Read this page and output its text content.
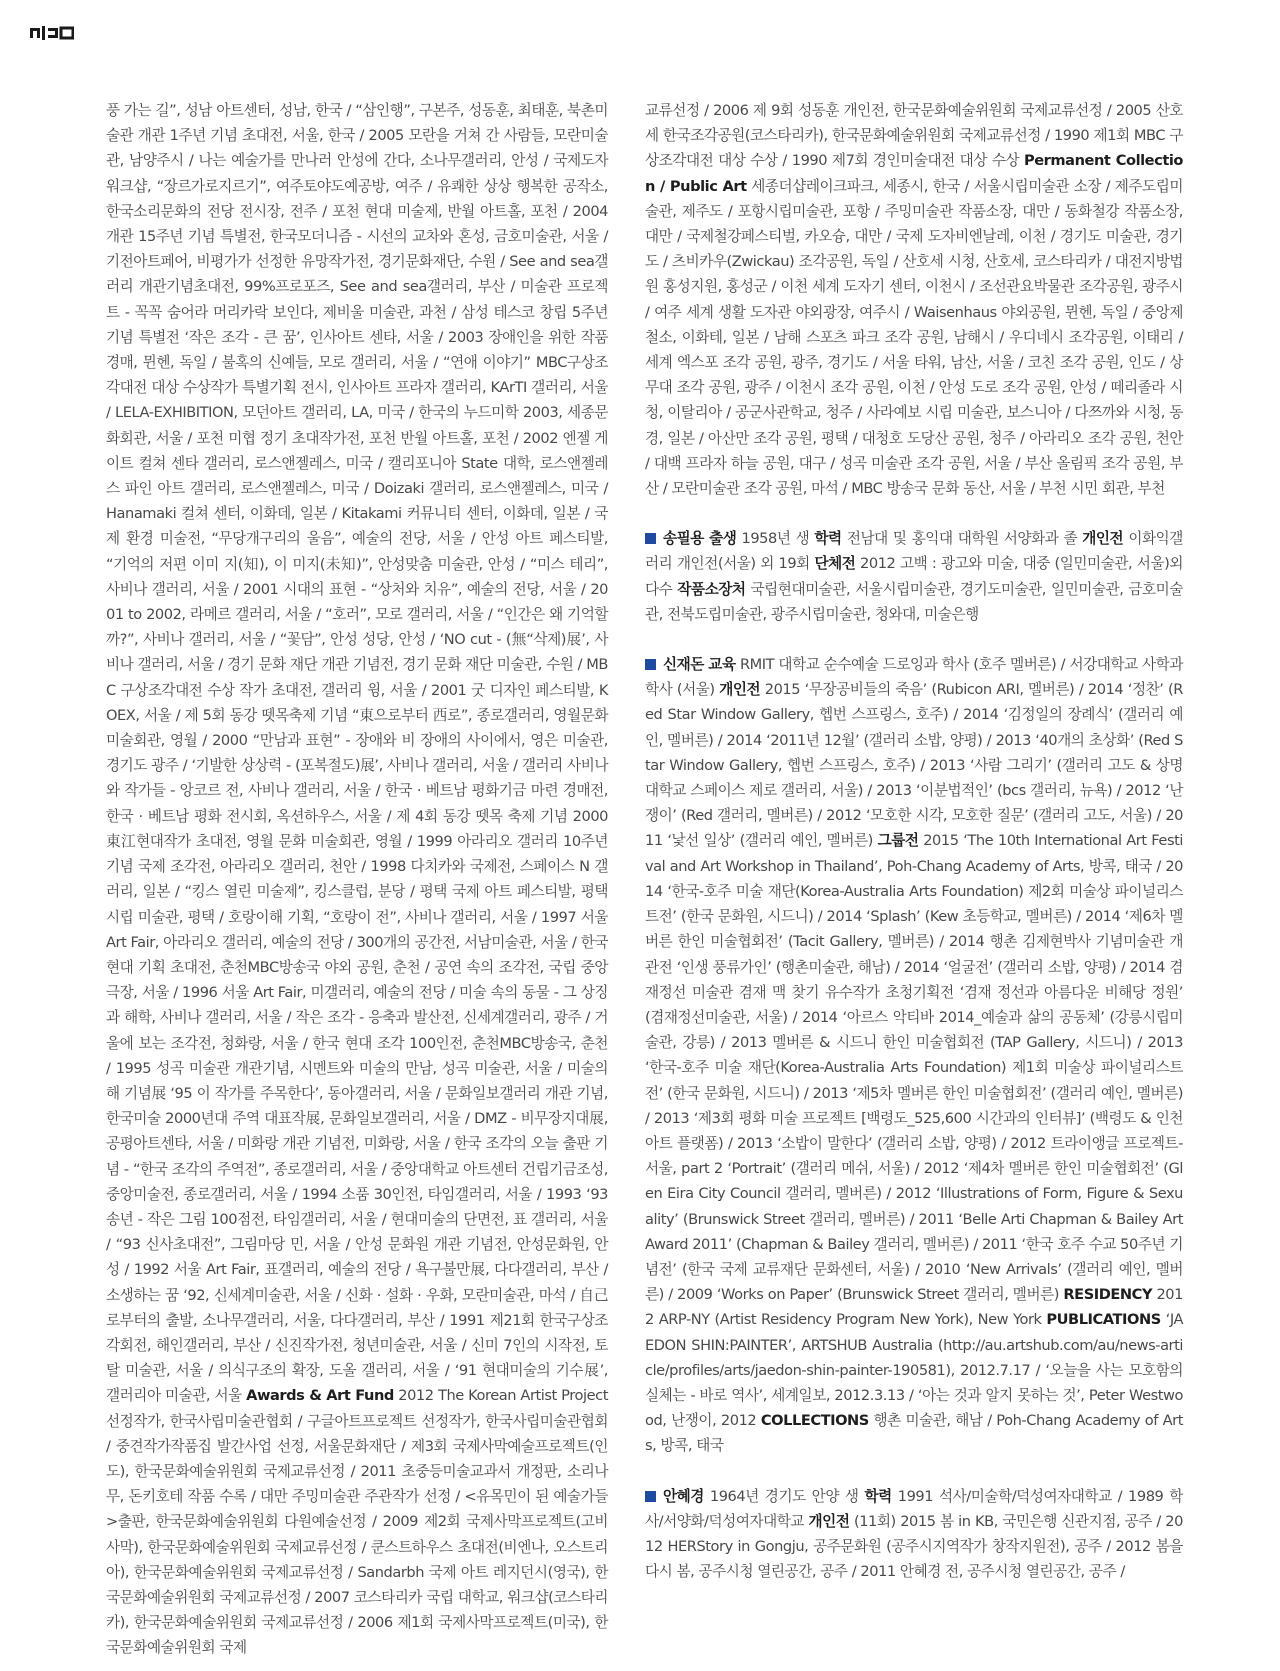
풍 가는 길”, 성남 아트센터, 성남, 한국 / “삼인행”, 구본주, 성동훈, 최태훈, 북촌미술관 개관 1주년 기념 초대전, 서울, 한국 / 2005 모란을 거쳐 간 사람들, 모란미술관, 남양주시 / 나는 예술가를 만나러 안성에 간다, 소나무갤러리, 안성 / 국제도자워크샵, “장르가로지르기”, 여주토야도예공방, 여주 / 유쾌한 상상 행복한 공작소, 한국소리문화의 전당 전시장, 전주 / 포천 현대 미술제, 반월 아트홀, 포천 / 2004 개관 15주년 기념 특별전, 한국모더니즘 - 시선의 교차와 혼성, 금호미술관, 서울 / 기전아트페어, 비평가가 선정한 유망작가전, 경기문화재단, 수원 / See and sea갤러리 개관기념초대전, 99%프로포즈, See and sea갤러리, 부산 / 미술관 프로젝트 - 꼭꼭 숨어라 머리카락 보인다, 제비울 미술관, 과천 / 삼성 테스코 창립 5주년 기념 특별전 ‘작은 조각 - 큰 꿈’, 인사아트 센타, 서울 / 2003 장애인을 위한 작품경매, 뮌헨, 독일 / 불혹의 신예들, 모로 갤러리, 서울 / “연애 이야기” MBC구상조각대전 대상 수상작가 특별기획 전시, 인사아트 프라자 갤러리, KArTI 갤러리, 서울 / LELA-EXHIBITION, 모던아트 갤러리, LA, 미국 / 한국의 누드미학 2003, 세종문화회관, 서울 / 포천 미협 정기 초대작가전, 포천 반월 아트홀, 포천 / 2002 엔젤 게이트 컬쳐 센타 갤러리, 로스앤젤레스, 미국 / 캘리포니아 State 대학, 로스앤젤레스 파인 아트 갤러리, 로스앤젤레스, 미국 / Doizaki 갤러리, 로스앤젤레스, 미국 / Hanamaki 컬쳐 센터, 이화데, 일본 / Kitakami 커뮤니티 센터, 이화데, 일본 / 국제 환경 미술전, “무당개구리의 울음”, 예술의 전당, 서울 / 안성 아트 페스티발, “기억의 저편 이미 지(知), 이 미지(未知)”, 안성맞춤 미술관, 안성 / “미스 테리”, 사비나 갤러리, 서울 / 2001 시대의 표현 - “상처와 치유”, 예술의 전당, 서울 / 2001 to 2002, 라메르 갤러리, 서울 / “호러”, 모로 갤러리, 서울 / “인간은 왜 기억할까?”, 사비나 갤러리, 서울 / “꽃담”, 안성 성당, 안성 / ‘NO cut - (無“삭제)展’, 사비나 갤러리, 서울 / 경기 문화 재단 개관 기념전, 경기 문화 재단 미술관, 수원 / MBC 구상조각대전 수상 작가 초대전, 갤러리 윙, 서울 / 2001 굿 디자인 페스티발, KOEX, 서울 / 제 5회 동강 뗏목축제 기념 “東으로부터 西로”, 종로갤러리, 영월문화 미술회관, 영월 / 2000 “만남과 표현” - 장애와 비 장애의 사이에서, 영은 미술관, 경기도 광주 / ‘기발한 상상력 - (포복절도)展’, 사비나 갤러리, 서울 / 갤러리 사비나와 작가들 - 앙코르 전, 사비나 갤러리, 서울 / 한국 · 베트남 평화기금 마련 경매전, 한국 · 베트남 평화 전시회, 옥션하우스, 서울 / 제 4회 동강 뗏목 축제 기념 2000東江현대작가 초대전, 영월 문화 미술회관, 영월 / 1999 아라리오 갤러리 10주년 기념 국제 조각전, 아라리오 갤러리, 천안 / 1998 다치카와 국제전, 스페이스 N 갤러리, 일본 / “킹스 열린 미술제”, 킹스클럽, 분당 / 평택 국제 아트 페스티발, 평택 시립 미술관, 평택 / 호랑이해 기획, “호랑이 전”, 사비나 갤러리, 서울 / 1997 서울 Art Fair, 아라리오 갤러리, 예술의 전당 / 300개의 공간전, 서남미술관, 서울 / 한국 현대 기획 초대전, 춘천MBC방송국 야외 공원, 춘천 / 공연 속의 조각전, 국립 중앙 극장, 서울 / 1996 서울 Art Fair, 미갤러리, 예술의 전당 / 미술 속의 동물 - 그 상징과 해학, 사비나 갤러리, 서울 / 작은 조각 - 응축과 발산전, 신세계갤러리, 광주 / 거울에 보는 조각전, 청화랑, 서울 / 한국 현대 조각 100인전, 춘천MBC방송국, 춘천 / 1995 성곡 미술관 개관기념, 시멘트와 미술의 만남, 성곡 미술관, 서울 / 미술의 해 기념展 ‘95 이 작가를 주목한다’, 동아갤러리, 서울 / 문화일보갤러리 개관 기념, 한국미술 2000년대 주역 대표작展, 문화일보갤러리, 서울 / DMZ - 비무장지대展, 공평아트센타, 서울 / 미화랑 개관 기념전, 미화랑, 서울 / 한국 조각의 오늘 출판 기념 - “한국 조각의 주역전”, 종로갤러리, 서울 / 중앙대학교 아트센터 건립기금조성, 중앙미술전, 종로갤러리, 서울 / 1994 소품 30인전, 타임갤러리, 서울 / 1993 ‘93송년 - 작은 그림 100점전, 타임갤러리, 서울 / 현대미술의 단면전, 표 갤러리, 서울 / “93 신사초대전”, 그림마당 민, 서울 / 안성 문화원 개관 기념전, 안성문화원, 안성 / 1992 서울 Art Fair, 표갤러리, 예술의 전당 / 욕구불만展, 다다갤러리, 부산 / 소생하는 꿈 ‘92, 신세계미술관, 서울 / 신화 · 설화 · 우화, 모란미술관, 마석 / 自己로부터의 출발, 소나무갤러리, 서울, 다다갤러리, 부산 / 1991 제21회 한국구상조각회전, 해인갤러리, 부산 / 신진작가전, 청년미술관, 서울 / 신미 7인의 시작전, 토탈 미술관, 서울 / 의식구조의 확장, 도올 갤러리, 서울 / ‘91 현대미술의 기수展’, 갤러리아 미술관, 서울 Awards & Art Fund 2012 The Korean Artist Project 선정작가, 한국사립미술관협회 / 구글아트프로젝트 선정작가, 한국사립미술관협회 / 중견작가작품집 발간사업 선정, 서울문화재단 / 제3회 국제사막예술프로젝트(인도), 한국문화예술위원회 국제교류선정 / 2011 초중등미술교과서 개정판, 소리나무, 돈키호테 작품 수록 / 대만 주밍미술관 주관작가 선정 / <유목민이 된 예술가들>출판, 한국문화예술위원회 다원예술선정 / 2009 제2회 국제사막프로젝트(고비사막), 한국문화예술위원회 국제교류선정 / 쿤스트하우스 초대전(비엔나, 오스트리아), 한국문화예술위원회 국제교류선정 / Sandarbh 국제 아트 레지던시(영국), 한국문화예술위원회 국제교류선정 / 2007 코스타리카 국립 대학교, 워크샵(코스타리카), 한국문화예술위원회 국제교류선정 / 2006 제1회 국제사막프로젝트(미국), 한국문화예술위원회 국제

교류선정 / 2006 제 9회 성동훈 개인전, 한국문화예술위원회 국제교류선정 / 2005 산호세 한국조각공원(코스타리카), 한국문화예술위원회 국제교류선정 / 1990 제1회 MBC 구상조각대전 대상 수상 / 1990 제7회 경인미술대전 대상 수상 Permanent Collection / Public Art 세종더샵레이크파크, 세종시, 한국 / 서울시립미술관 소장 / 제주도립미술관, 제주도 / 포항시립미술관, 포항 / 주밍미술관 작품소장, 대만 / 동화철강 작품소장, 대만 / 국제철강페스티벌, 카오슝, 대만 / 국제 도자비엔날레, 이천 / 경기도 미술관, 경기도 / 츠비카우(Zwickau) 조각공원, 독일 / 산호세 시청, 산호세, 코스타리카 / 대전지방법원 홍성지원, 홍성군 / 이천 세계 도자기 센터, 이천시 / 조선관요박물관 조각공원, 광주시 / 여주 세계 생활 도자관 야외광장, 여주시 / Waisenhaus 야외공원, 뮌헨, 독일 / 중앙제철소, 이화테, 일본 / 남해 스포츠 파크 조각 공원, 남해시 / 우디네시 조각공원, 이태리 / 세계 엑스포 조각 공원, 광주, 경기도 / 서울 타워, 남산, 서울 / 코친 조각 공원, 인도 / 상무대 조각 공원, 광주 / 이천시 조각 공원, 이천 / 안성 도로 조각 공원, 안성 / 떼리졸라 시청, 이탈리아 / 공군사관학교, 청주 / 사라예보 시립 미술관, 보스니아 / 다쯔까와 시청, 동경, 일본 / 아산만 조각 공원, 평택 / 대청호 도당산 공원, 청주 / 아라리오 조각 공원, 천안 / 대백 프라자 하늘 공원, 대구 / 성곡 미술관 조각 공원, 서울 / 부산 올림픽 조각 공원, 부산 / 모란미술관 조각 공원, 마석 / MBC 방송국 문화 동산, 서울 / 부천 시민 회관, 부천

송필용 출생 1958년 생 학력 전남대 및 홍익대 대학원 서양화과 졸 개인전 이화익갤러리 개인전(서울) 외 19회 단체전 2012 고백 : 광고와 미술, 대중 (일민미술관, 서울)외 다수 작품소장처 국립현대미술관, 서울시립미술관, 경기도미술관, 일민미술관, 금호미술관, 전북도립미술관, 광주시립미술관, 청와대, 미술은행

신재돈 교육 RMIT 대학교 순수예술 드로잉과 학사 (호주 멜버른) / 서강대학교 사학과 학사 (서울) 개인전 2015 ‘무장공비들의 죽음’ (Rubicon ARI, 멜버른) / 2014 ‘정찬’ (Red Star Window Gallery, 헵번 스프링스, 호주) / 2014 ‘김정일의 장례식’ (갤러리 예인, 멜버른) / 2014 ‘2011년 12월’ (갤러리 소밥, 양평) / 2013 ‘40개의 초상화’ (Red Star Window Gallery, 헵번 스프링스, 호주) / 2013 ‘사람 그리기’ (갤러리 고도 & 상명대학교 스페이스 제로 갤러리, 서울) / 2013 ‘이분법적인’ (bcs 갤러리, 뉴욕) / 2012 ‘난쟁이’ (Red 갤러리, 멜버른) / 2012 ‘모호한 시각, 모호한 질문’ (갤러리 고도, 서울) / 2011 ‘낯선 일상’ (갤러리 예인, 멜버른) 그룹전 2015 ‘The 10th International Art Festival and Art Workshop in Thailand’, Poh-Chang Academy of Arts, 방콕, 태국 / 2014 ‘한국-호주 미술 재단(Korea-Australia Arts Foundation) 제2회 미술상 파이널리스트전’ (한국 문화원, 시드니) / 2014 ‘Splash’ (Kew 초등학교, 멜버른) / 2014 ‘제6차 멜버른 한인 미술협회전’ (Tacit Gallery, 멜버른) / 2014 행촌 김제현박사 기념미술관 개관전 ‘인생 풍류가인’ (행촌미술관, 해남) / 2014 ‘얼굴전’ (갤러리 소밥, 양평) / 2014 겸재정선 미술관 겸재 맥 찾기 유수작가 초청기획전 ‘겸재 정선과 아름다운 비해당 정원’ (겸재정선미술관, 서울) / 2014 ‘아르스 악티바 2014_예술과 삶의 공동체’ (강릉시립미술관, 강릉) / 2013 멜버른 & 시드니 한인 미술협회전 (TAP Gallery, 시드니) / 2013 ‘한국-호주 미술 재단(Korea-Australia Arts Foundation) 제1회 미술상 파이널리스트전’ (한국 문화원, 시드니) / 2013 ‘제5차 멜버른 한인 미술협회전’ (갤러리 예인, 멜버른) / 2013 ‘제3회 평화 미술 프로젝트 [백령도_525,600 시간과의 인터뷰]’ (백령도 & 인천 아트 플랫폼) / 2013 ‘소밥이 말한다’ (갤러리 소밥, 양평) / 2012 트라이앵글 프로젝트-서울, part 2 ‘Portrait’ (갤러리 메쉬, 서울) / 2012 ‘제4차 멜버른 한인 미술협회전’ (Glen Eira City Council 갤러리, 멜버른) / 2012 ‘Illustrations of Form, Figure & Sexuality’ (Brunswick Street 갤러리, 멜버른) / 2011 ‘Belle Arti Chapman & Bailey Art Award 2011’ (Chapman & Bailey 갤러리, 멜버른) / 2011 ‘한국 호주 수교 50주년 기념전’ (한국 국제 교류재단 문화센터, 서울) / 2010 ‘New Arrivals’ (갤러리 예인, 멜버른) / 2009 ‘Works on Paper’ (Brunswick Street 갤러리, 멜버른) RESIDENCY 2012 ARP-NY (Artist Residency Program New York), New York PUBLICATIONS ‘JAEDON SHIN:PAINTER’, ARTSHUB Australia (http://au.artshub.com/au/news-article/profiles/arts/jaedon-shin-painter-190581), 2012.7.17 / ‘오늘을 사는 모호함의 실체는 - 바로 역사’, 세계일보, 2012.3.13 / ‘아는 것과 알지 못하는 것’, Peter Westwood, 난쟁이, 2012 COLLECTIONS 행촌 미술관, 해남 / Poh-Chang Academy of Arts, 방콕, 태국

안혜경 1964년 경기도 안양 생 학력 1991 석사/미술학/덕성여자대학교 / 1989 학사/서양화/덕성여자대학교 개인전 (11회) 2015 봄 in KB, 국민은행 신관지점, 공주 / 2012 HERStory in Gongju, 공주문화원 (공주시지역작가 창작지원전), 공주 / 2012 봄을 다시 봄, 공주시청 열린공간, 공주 / 2011 안혜경 전, 공주시청 열린공간, 공주 /
